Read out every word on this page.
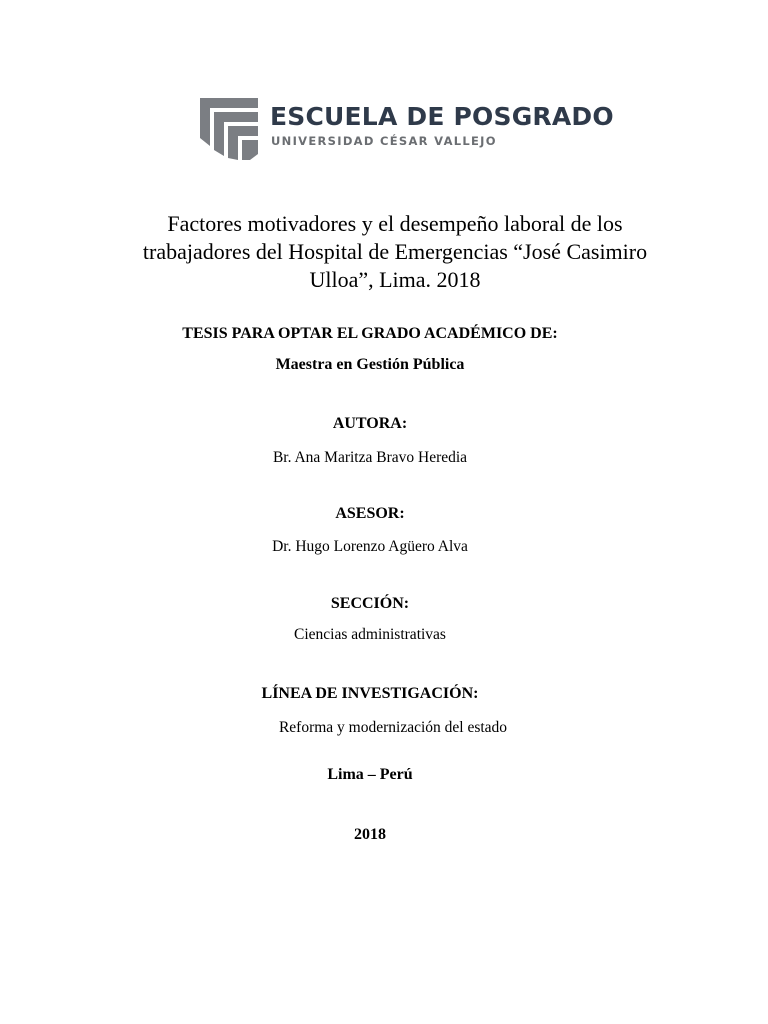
ESCUELA DE POSGRADO
UNIVERSIDAD CÉSAR VALLEJO
Factores motivadores y el desempeño laboral de los
trabajadores del Hospital de Emergencias “José Casimiro
Ulloa”, Lima. 2018
TESIS PARA OPTAR EL GRADO ACADÉMICO DE:
Maestra en Gestión Pública
AUTORA:
Br. Ana Maritza Bravo Heredia
ASESOR:
Dr. Hugo Lorenzo Agüero Alva
SECCIÓN:
Ciencias administrativas
LÍNEA DE INVESTIGACIÓN:
Reforma y modernización del estado
Lima – Perú
2018
